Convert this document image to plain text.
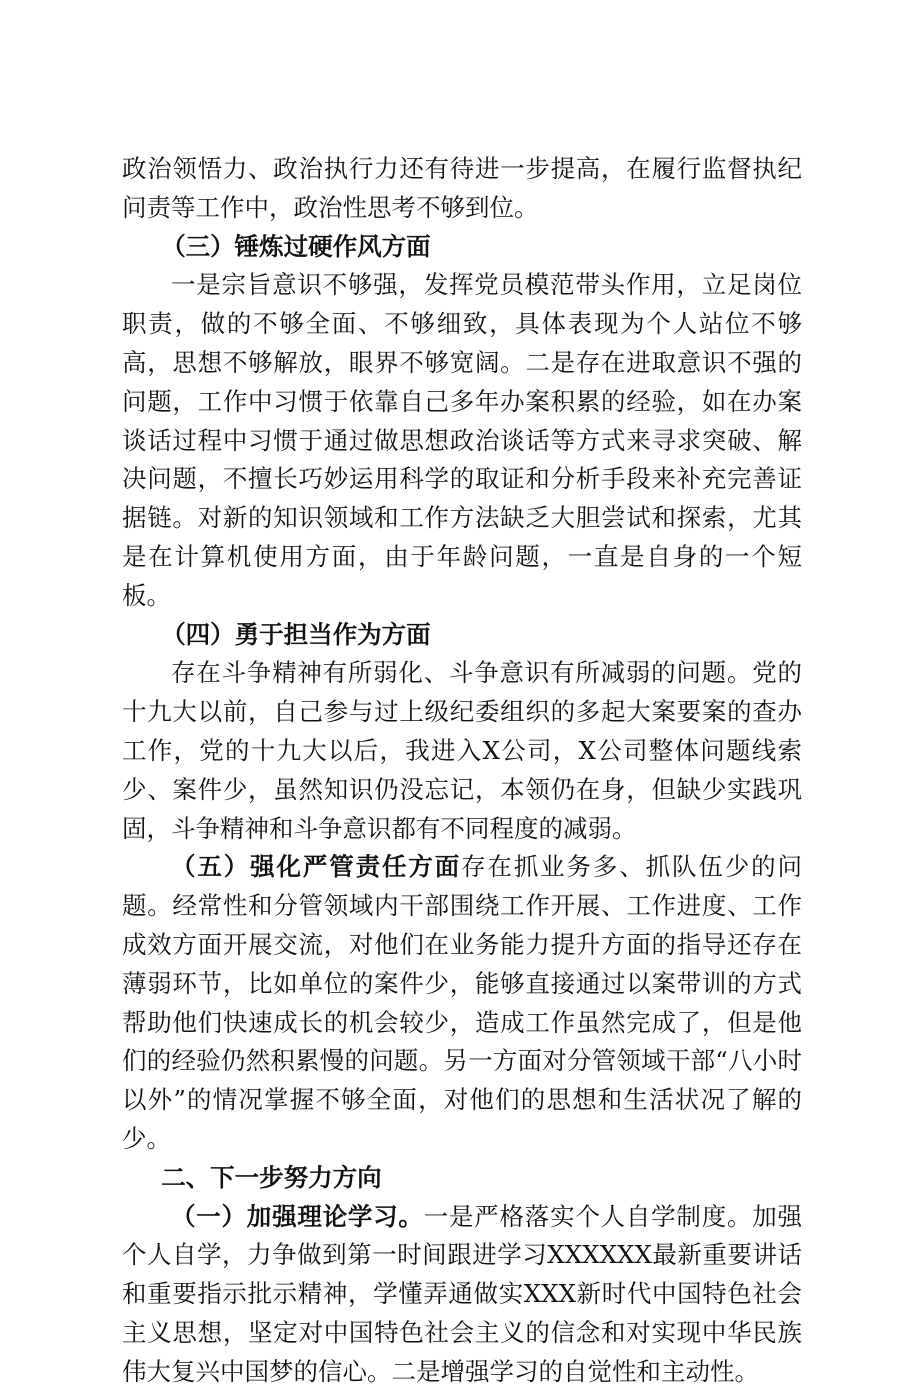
政治领悟力、政治执行力还有待进一步提高，在履行监督执纪问责等工作中，政治性思考不够到位。

（三）锤炼过硬作风方面

一是宗旨意识不够强，发挥党员模范带头作用，立足岗位职责，做的不够全面、不够细致，具体表现为个人站位不够高，思想不够解放，眼界不够宽阔。二是存在进取意识不强的问题，工作中习惯于依靠自己多年办案积累的经验，如在办案谈话过程中习惯于通过做思想政治谈话等方式来寻求突破、解决问题，不擅长巧妙运用科学的取证和分析手段来补充完善证据链。对新的知识领域和工作方法缺乏大胆尝试和探索，尤其是在计算机使用方面，由于年龄问题，一直是自身的一个短板。

（四）勇于担当作为方面

存在斗争精神有所弱化、斗争意识有所减弱的问题。党的十九大以前，自己参与过上级纪委组织的多起大案要案的查办工作，党的十九大以后，我进入X公司，X公司整体问题线索少、案件少，虽然知识仍没忘记，本领仍在身，但缺少实践巩固，斗争精神和斗争意识都有不同程度的减弱。

（五）强化严管责任方面存在抓业务多、抓队伍少的问题。经常性和分管领域内干部围绕工作开展、工作进度、工作成效方面开展交流，对他们在业务能力提升方面的指导还存在薄弱环节，比如单位的案件少，能够直接通过以案带训的方式帮助他们快速成长的机会较少，造成工作虽然完成了，但是他们的经验仍然积累慢的问题。另一方面对分管领域干部“八小时以外”的情况掌握不够全面，对他们的思想和生活状况了解的少。

二、下一步努力方向

（一）加强理论学习。一是严格落实个人自学制度。加强个人自学，力争做到第一时间跟进学习XXXXXX最新重要讲话和重要指示批示精神，学懂弄通做实XXX新时代中国特色社会主义思想，坚定对中国特色社会主义的信念和对实现中华民族伟大复兴中国梦的信心。二是增强学习的自觉性和主动性。
